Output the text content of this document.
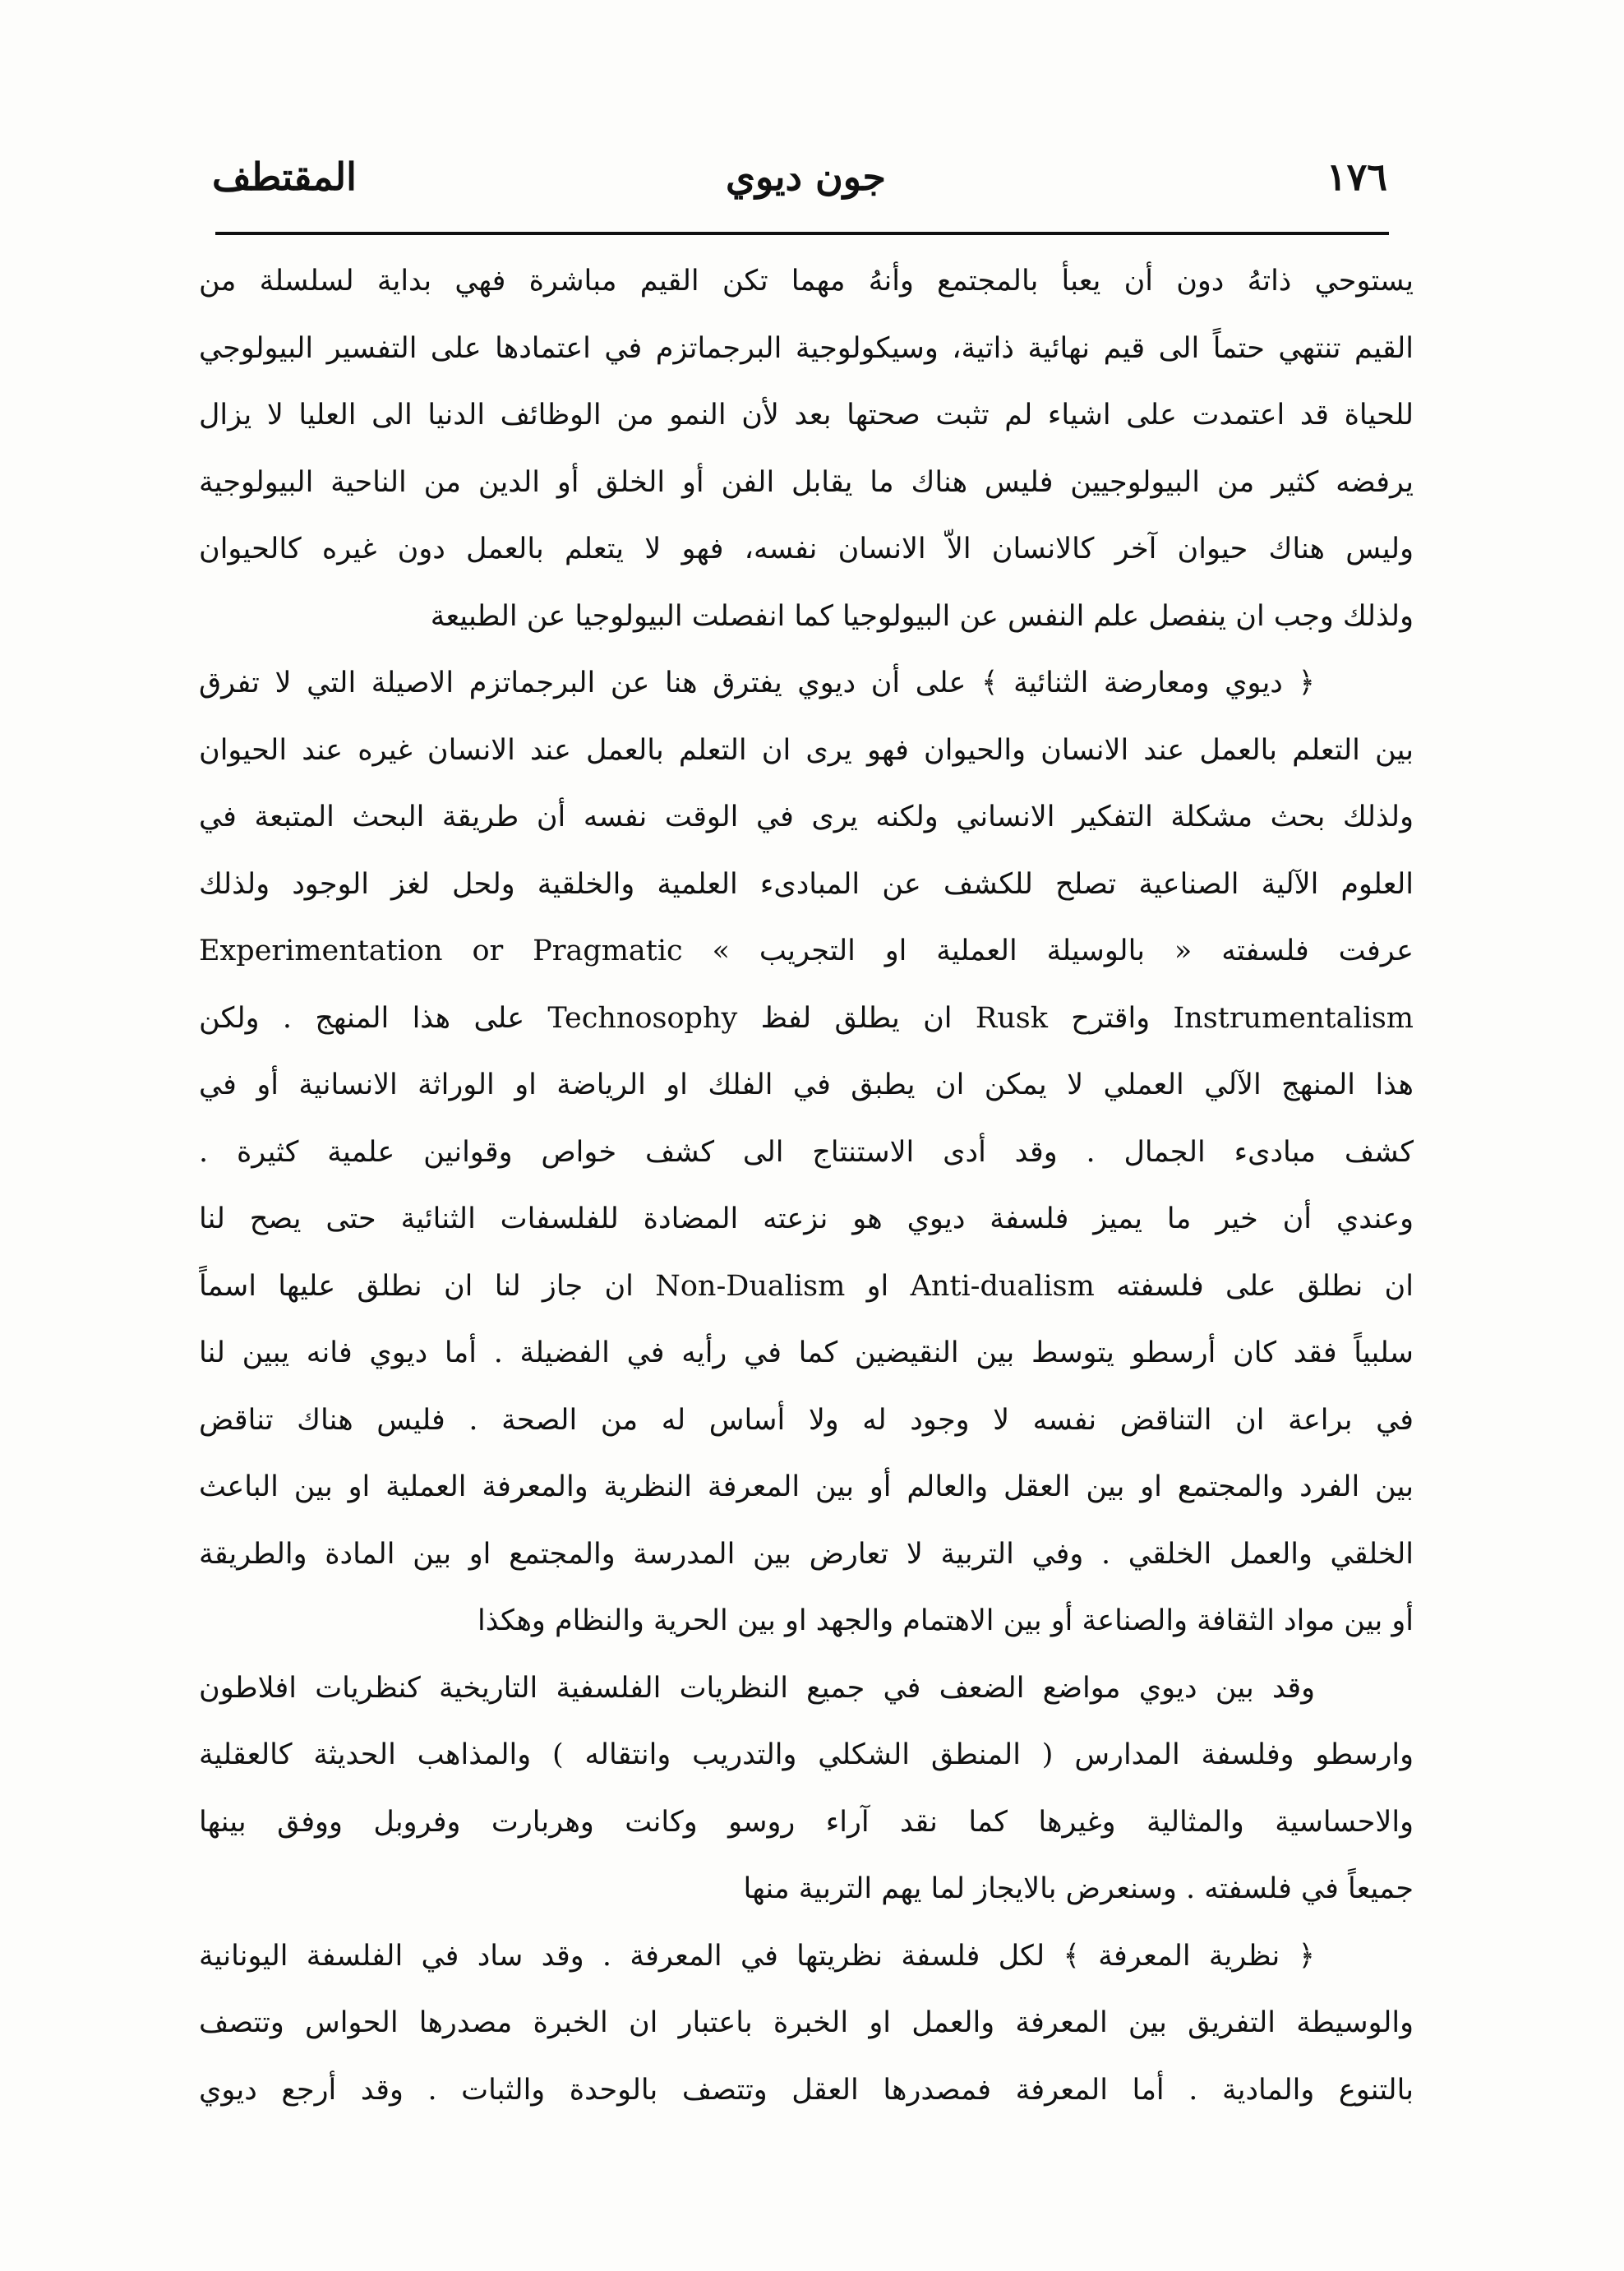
١٧٦
جون ديوي
المقتطف
يستوحي ذاتهُ دون أن يعبأ بالمجتمع وأنهُ مهما تكن القيم مباشرة فهي بداية لسلسلة من
القيم تنتهي حتماً الى قيم نهائية ذاتية، وسيكولوجية البرجماتزم في اعتمادها على التفسير البيولوجي
للحياة قد اعتمدت على اشياء لم تثبت صحتها بعد لأن النمو من الوظائف الدنيا الى العليا لا يزال
يرفضه كثير من البيولوجيين فليس هناك ما يقابل الفن أو الخلق أو الدين من الناحية البيولوجية
وليس هناك حيوان آخر كالانسان الاّ الانسان نفسه، فهو لا يتعلم بالعمل دون غيره كالحيوان
ولذلك وجب ان ينفصل علم النفس عن البيولوجيا كما انفصلت البيولوجيا عن الطبيعة
﴿ ديوي ومعارضة الثنائية ﴾ على أن ديوي يفترق هنا عن البرجماتزم الاصيلة التي لا تفرق
بين التعلم بالعمل عند الانسان والحيوان فهو يرى ان التعلم بالعمل عند الانسان غيره عند الحيوان
ولذلك بحث مشكلة التفكير الانساني ولكنه يرى في الوقت نفسه أن طريقة البحث المتبعة في
العلوم الآلية الصناعية تصلح للكشف عن المبادىء العلمية والخلقية ولحل لغز الوجود ولذلك
عرفت فلسفته « بالوسيلة العملية او التجريب » Experimentation or Pragmatic
Instrumentalism واقترح Rusk ان يطلق لفظ Technosophy على هذا المنهج . ولكن
هذا المنهج الآلي العملي لا يمكن ان يطبق في الفلك او الرياضة او الوراثة الانسانية أو في
كشف مبادىء الجمال . وقد أدى الاستنتاج الى كشف خواص وقوانين علمية كثيرة .
وعندي أن خير ما يميز فلسفة ديوي هو نزعته المضادة للفلسفات الثنائية حتى يصح لنا
ان نطلق على فلسفته Anti-dualism او Non-Dualism ان جاز لنا ان نطلق عليها اسماً
سلبياً فقد كان أرسطو يتوسط بين النقيضين كما في رأيه في الفضيلة . أما ديوي فانه يبين لنا
في براعة ان التناقض نفسه لا وجود له ولا أساس له من الصحة . فليس هناك تناقض
بين الفرد والمجتمع او بين العقل والعالم أو بين المعرفة النظرية والمعرفة العملية او بين الباعث
الخلقي والعمل الخلقي . وفي التربية لا تعارض بين المدرسة والمجتمع او بين المادة والطريقة
أو بين مواد الثقافة والصناعة أو بين الاهتمام والجهد او بين الحرية والنظام وهكذا
وقد بين ديوي مواضع الضعف في جميع النظريات الفلسفية التاريخية كنظريات افلاطون
وارسطو وفلسفة المدارس ( المنطق الشكلي والتدريب وانتقاله ) والمذاهب الحديثة كالعقلية
والاحساسية والمثالية وغيرها كما نقد آراء روسو وكانت وهربارت وفروبل ووفق بينها
جميعاً في فلسفته . وسنعرض بالايجاز لما يهم التربية منها
﴿ نظرية المعرفة ﴾ لكل فلسفة نظريتها في المعرفة . وقد ساد في الفلسفة اليونانية
والوسيطة التفريق بين المعرفة والعمل او الخبرة باعتبار ان الخبرة مصدرها الحواس وتتصف
بالتنوع والمادية . أما المعرفة فمصدرها العقل وتتصف بالوحدة والثبات . وقد أرجع ديوي
